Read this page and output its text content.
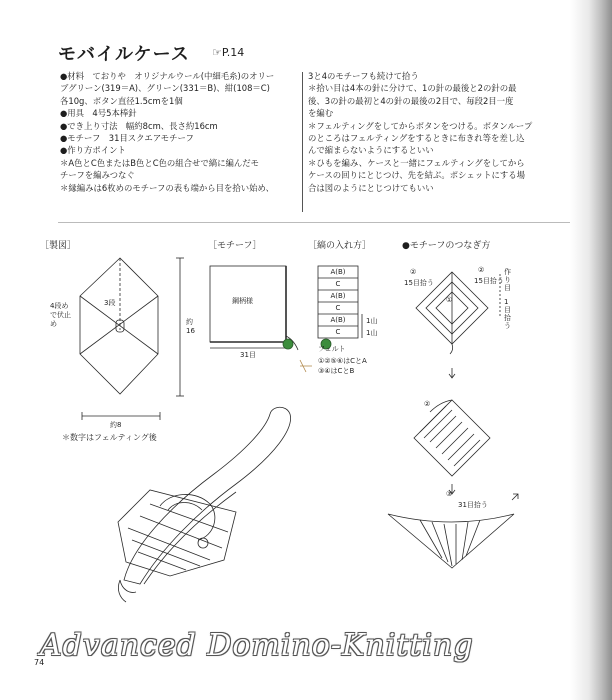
モバイルケース ☞P.14

●材料　ておりや　オリジナルウール(中細毛糸)のオリー

ブグリーン(319＝A)、グリーン(331＝B)、紺(108＝C)

各10g、ボタン直径1.5cmを1個

●用具　4号5本棒針

●でき上り寸法　幅約8cm、長さ約16cm

●モチーフ　31目スクエアモチーフ

●作り方ポイント

＊A色とC色またはB色とC色の組合せで縞に編んだモ

チーフを編みつなぐ

＊縁編みは6枚めのモチーフの表も端から目を拾い始め、

3と4のモチーフも続けて拾う

＊拾い目は4本の針に分けて、1の針の最後と2の針の最

後、3の針の最初と4の針の最後の2目で、毎段2目一度

を編む

＊フェルティングをしてからボタンをつける。ボタンループ

のところはフェルティングをするときに布きれ等を差し込

んで縮まらないようにするといい

＊ひもを編み、ケースと一緒にフェルティングをしてから

ケースの回りにとじつけ、先を結ぶ。ポシェットにする場

合は図のようにとじつけてもいい

［製図］	［モチーフ］	［縞の入れ方］	●モチーフのつなぎ方
3段
4段めで伏止め	約16
約8
＊数字はフェルティング後
鋼柄様
31目
フェルト
①②⑤⑥はCとA
③④はCとB
A(B)
C
A(B)
C
A(B)
C
1山
1山
②
15目拾う
②
15目拾う
作り目
1目拾う
①
②
③
31目拾う
Advanced Domino-Knitting
74
